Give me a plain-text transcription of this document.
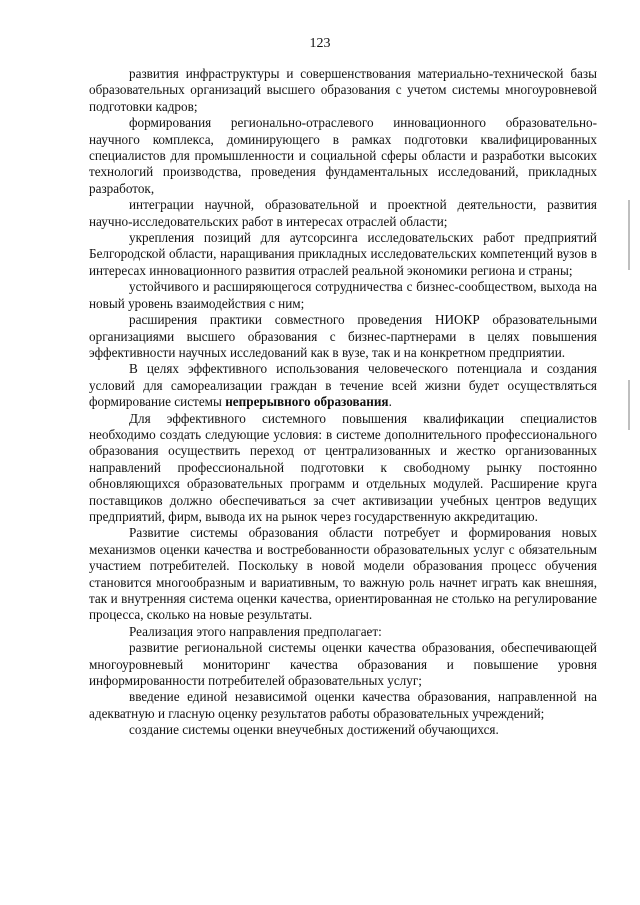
123

развития инфраструктуры и совершенствования материально-технической базы образовательных организаций высшего образования с учетом системы многоуровневой подготовки кадров;

формирования регионально-отраслевого инновационного образовательно-научного комплекса, доминирующего в рамках подготовки квалифицированных специалистов для промышленности и социальной сферы области и разработки высоких технологий производства, проведения фундаментальных исследований, прикладных разработок,

интеграции научной, образовательной и проектной деятельности, развития научно-исследовательских работ в интересах отраслей области;

укрепления позиций для аутсорсинга исследовательских работ предприятий Белгородской области, наращивания прикладных исследовательских компетенций вузов в интересах инновационного развития отраслей реальной экономики региона и страны;

устойчивого и расширяющегося сотрудничества с бизнес-сообществом, выхода на новый уровень взаимодействия с ним;

расширения практики совместного проведения НИОКР образовательными организациями высшего образования с бизнес-партнерами в целях повышения эффективности научных исследований как в вузе, так и на конкретном предприятии.

В целях эффективного использования человеческого потенциала и создания условий для самореализации граждан в течение всей жизни будет осуществляться формирование системы непрерывного образования.

Для эффективного системного повышения квалификации специалистов необходимо создать следующие условия: в системе дополнительного профессионального образования осуществить переход от централизованных и жестко организованных направлений профессиональной подготовки к свободному рынку постоянно обновляющихся образовательных программ и отдельных модулей. Расширение круга поставщиков должно обеспечиваться за счет активизации учебных центров ведущих предприятий, фирм, вывода их на рынок через государственную аккредитацию.

Развитие системы образования области потребует и формирования новых механизмов оценки качества и востребованности образовательных услуг с обязательным участием потребителей. Поскольку в новой модели образования процесс обучения становится многообразным и вариативным, то важную роль начнет играть как внешняя, так и внутренняя система оценки качества, ориентированная не столько на регулирование процесса, сколько на новые результаты.

Реализация этого направления предполагает:

развитие региональной системы оценки качества образования, обеспечивающей многоуровневый мониторинг качества образования и повышение уровня информированности потребителей образовательных услуг;

введение единой независимой оценки качества образования, направленной на адекватную и гласную оценку результатов работы образовательных учреждений;

создание системы оценки внеучебных достижений обучающихся.
